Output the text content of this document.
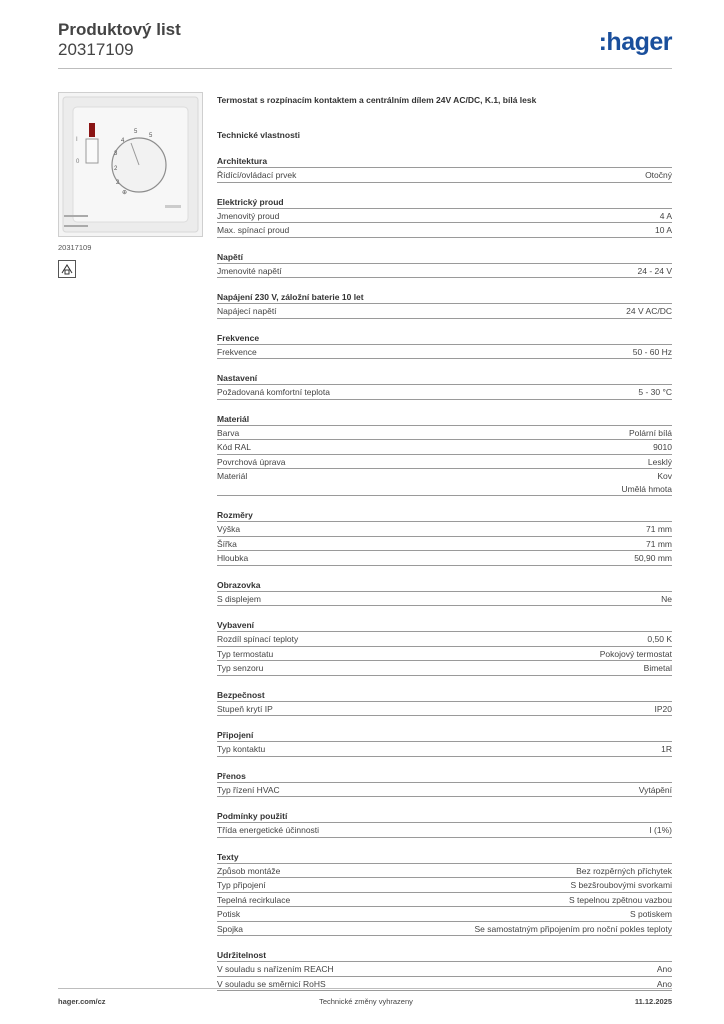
Produktový list
20317109	:hager
I
0
4
5
5
3
2
2
⊕
20317109
Termostat s rozpínacím kontaktem a centrálním dílem 24V AC/DC, K.1, bílá lesk
Technické vlastnosti
Architektura
Řídící/ovládací prvek	Otočný
Elektrický proud
Jmenovitý proud	4 A
Max. spínací proud	10 A
Napětí
Jmenovité napětí	24 - 24 V
Napájení 230 V, záložní baterie 10 let
Napájecí napětí	24 V AC/DC
Frekvence
Frekvence	50 - 60 Hz
Nastavení
Požadovaná komfortní teplota	5 - 30 °C
Materiál
Barva	Polární bílá
Kód RAL	9010
Povrchová úprava	Lesklý
Materiál	Kov
Umělá hmota
Rozměry
Výška	71 mm
Šířka	71 mm
Hloubka	50,90 mm
Obrazovka
S displejem	Ne
Vybavení
Rozdíl spínací teploty	0,50 K
Typ termostatu	Pokojový termostat
Typ senzoru	Bimetal
Bezpečnost
Stupeň krytí IP	IP20
Připojení
Typ kontaktu	1R
Přenos
Typ řízení HVAC	Vytápění
Podmínky použití
Třída energetické účinnosti	I (1%)
Texty
Způsob montáže	Bez rozpěrných příchytek
Typ připojení	S bezšroubovými svorkami
Tepelná recirkulace	S tepelnou zpětnou vazbou
Potisk	S potiskem
Spojka	Se samostatným připojením pro noční pokles teploty
Udržitelnost
V souladu s nařízením REACH	Ano
V souladu se směrnicí RoHS	Ano
hager.com/cz	Technické změny vyhrazeny	11.12.2025
